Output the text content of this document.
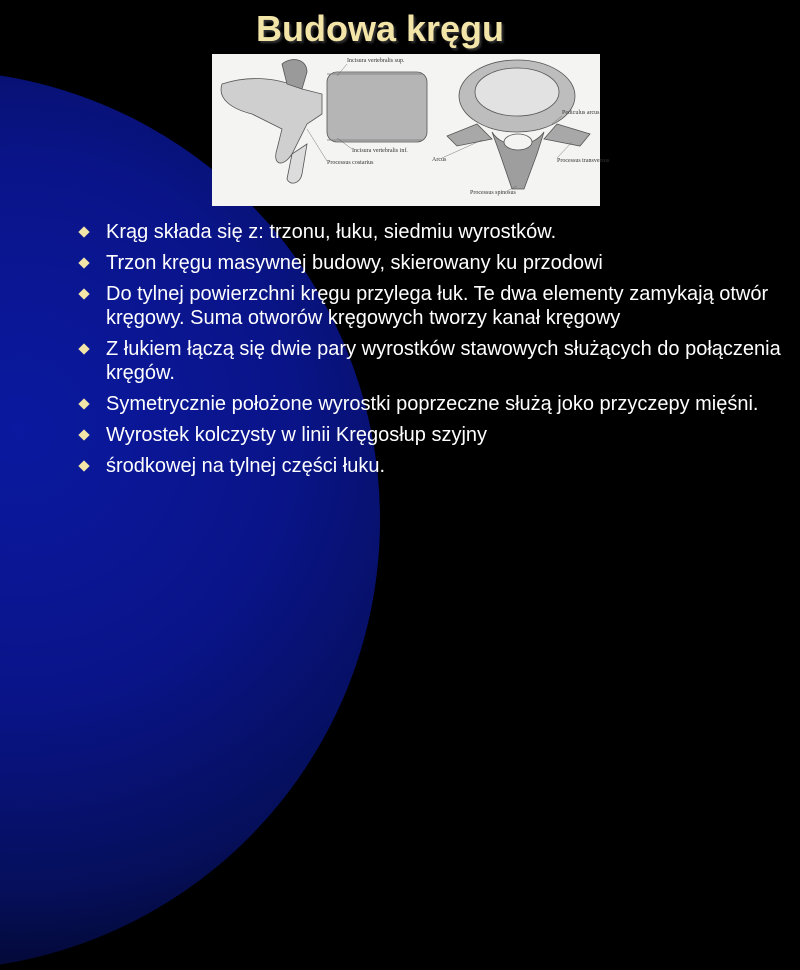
Budowa kręgu
Incisura vertebralis sup.
Incisura vertebralis inf.
Processus costarius	Arcus
Pediculus arcus
Processus transversus
Processus spinosus
Krąg składa się z: trzonu, łuku, siedmiu wyrostków.
Trzon kręgu masywnej budowy, skierowany ku przodowi
Do tylnej powierzchni kręgu przylega łuk. Te dwa elementy zamykają otwór kręgowy. Suma otworów kręgowych tworzy kanał kręgowy
Z łukiem łączą się dwie pary wyrostków stawowych służących do połączenia kręgów.
Symetrycznie położone wyrostki poprzeczne służą joko przyczepy mięśni.
Wyrostek kolczysty w linii Kręgosłup szyjny
środkowej na tylnej części łuku.
